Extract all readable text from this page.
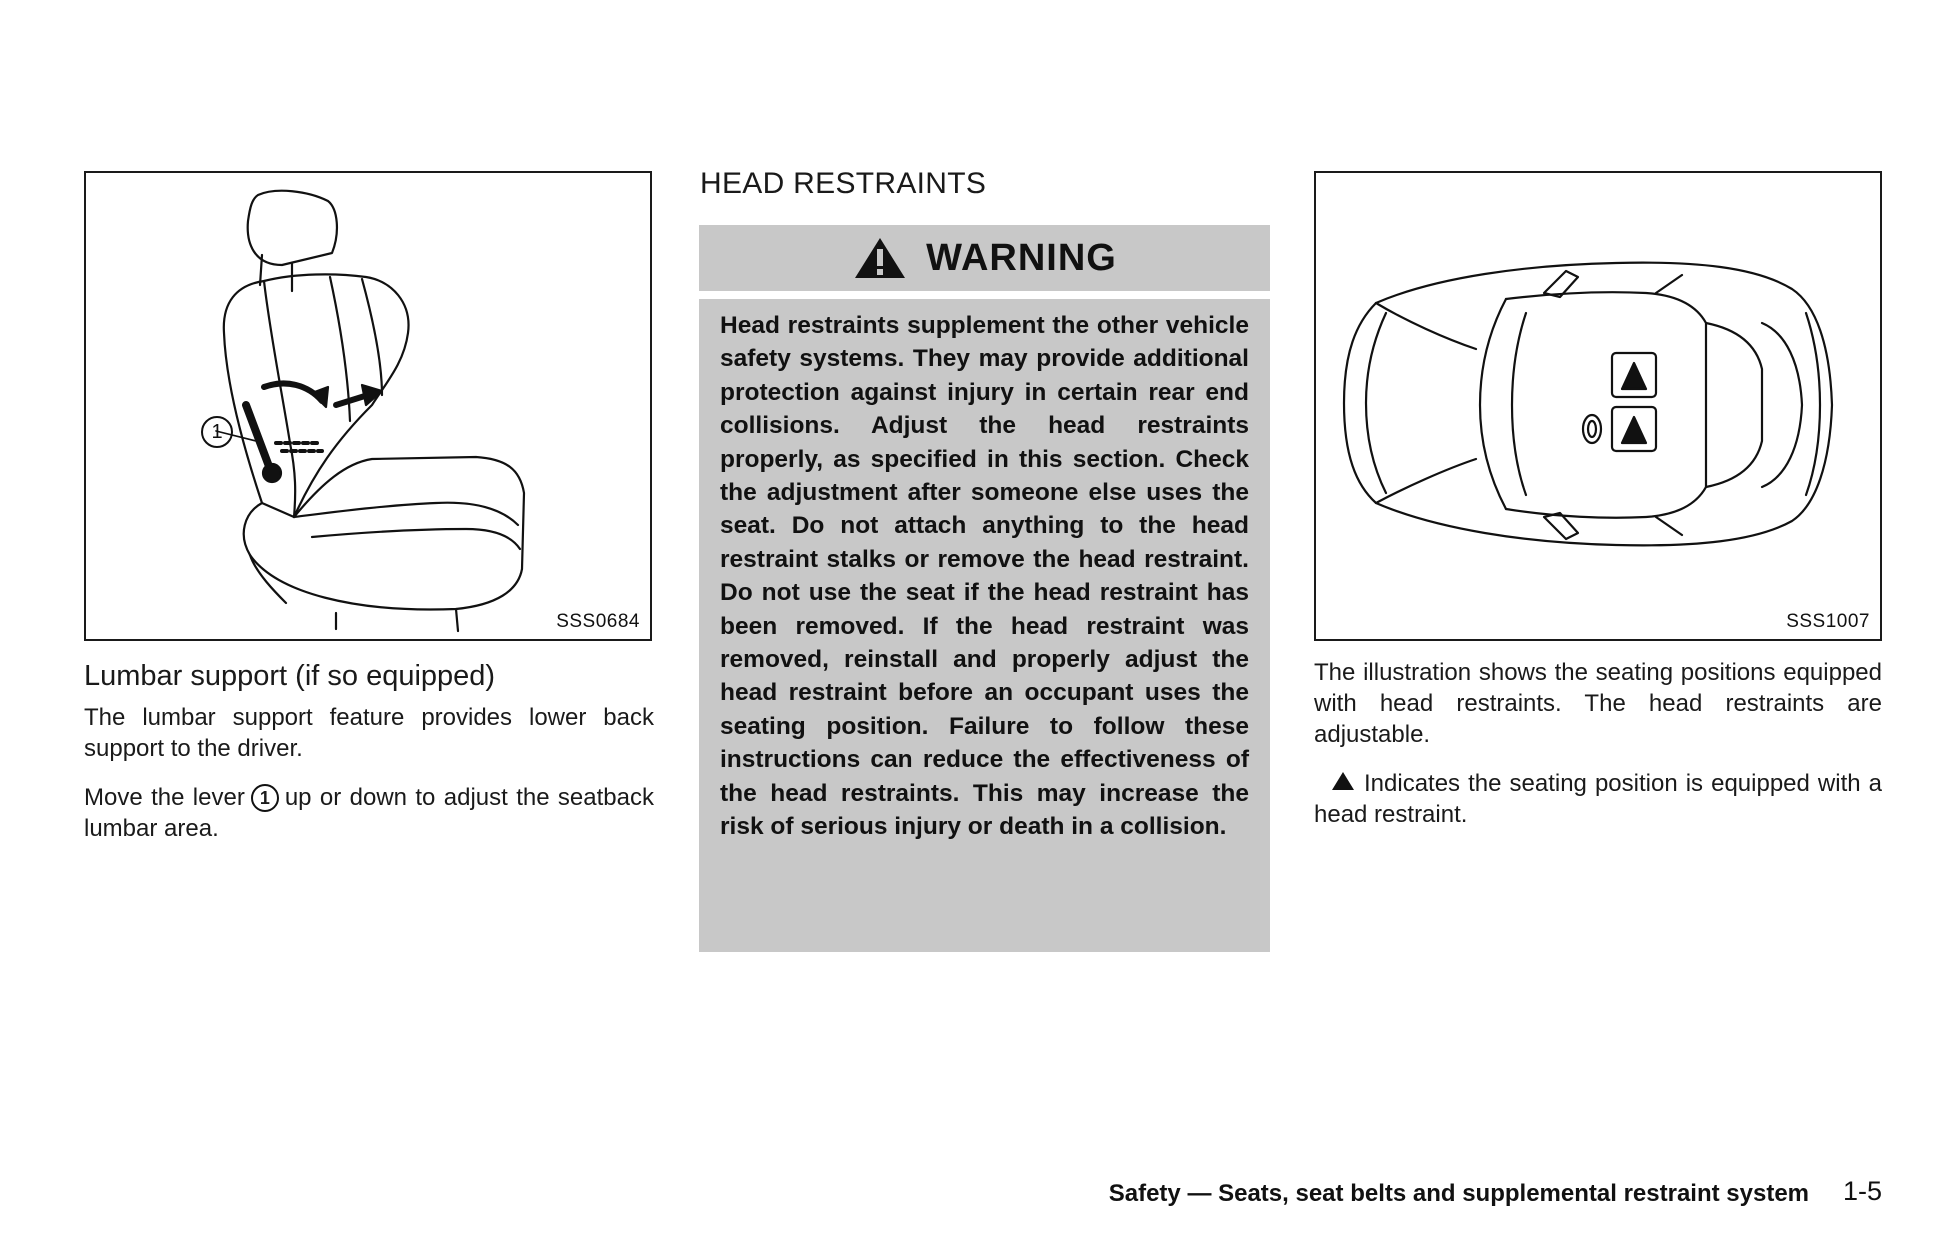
1
SSS0684
Lumbar support (if so equipped)

The lumbar support feature provides lower back support to the driver.

Move the lever 1 up or down to adjust the seatback lumbar area.

HEAD RESTRAINTS
WARNING

Head restraints supplement the other vehicle safety systems. They may provide additional protection against injury in certain rear end collisions. Adjust the head restraints properly, as specified in this section. Check the adjustment after someone else uses the seat. Do not attach anything to the head restraint stalks or remove the head restraint. Do not use the seat if the head restraint has been removed. If the head restraint was removed, reinstall and properly adjust the head restraint before an occupant uses the seating position. Failure to follow these instructions can reduce the effectiveness of the head restraints. This may increase the risk of serious injury or death in a collision.

SSS1007

The illustration shows the seating positions equipped with head restraints. The head restraints are adjustable.

Indicates the seating position is equipped with a head restraint.

Safety — Seats, seat belts and supplemental restraint system 1-5
